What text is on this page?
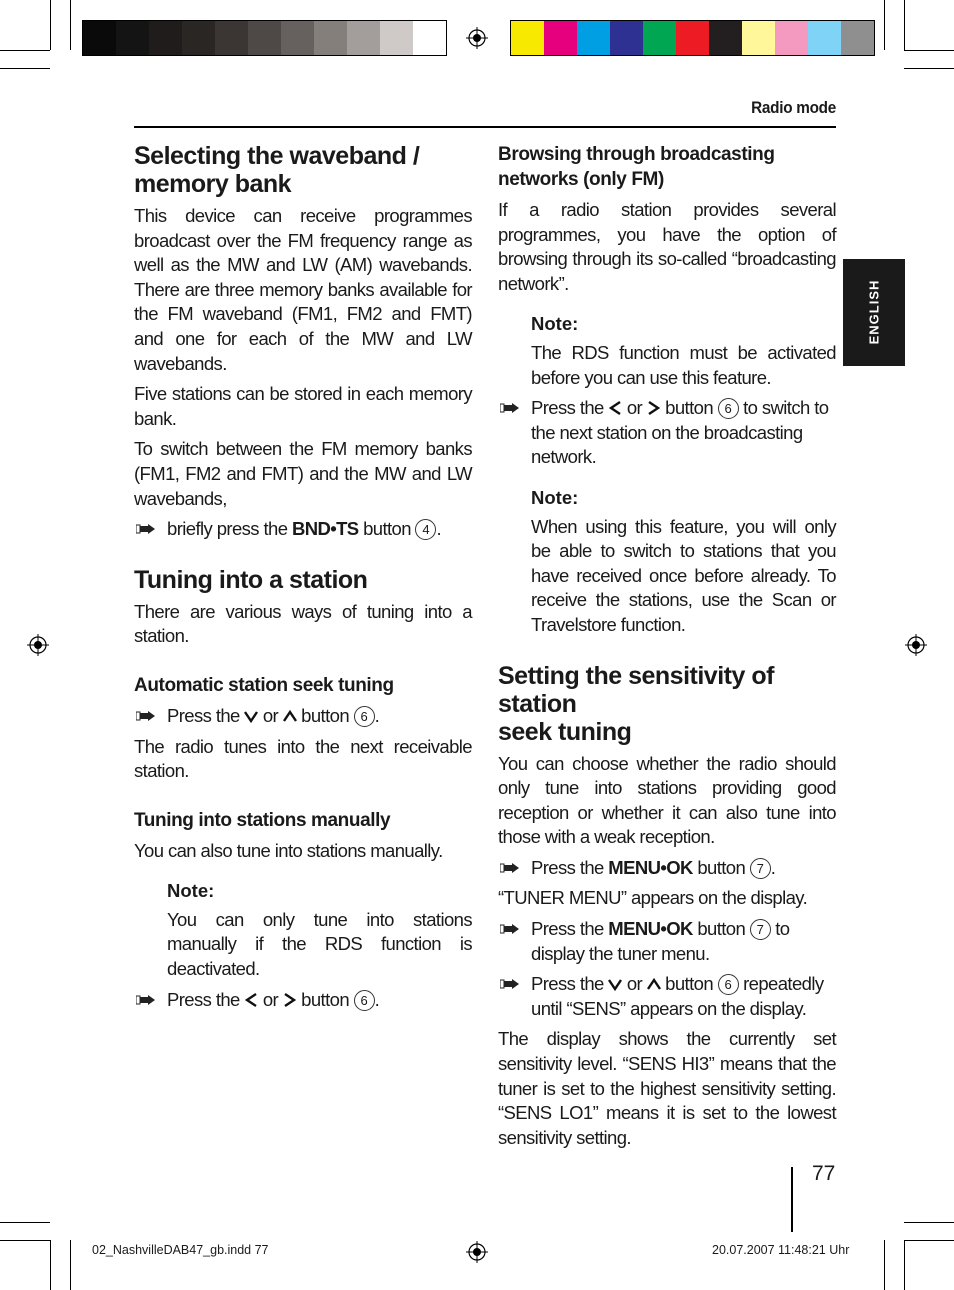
Radio mode
ENGLISH
Selecting the waveband /
memory bank
This device can receive programmes broadcast over the FM frequency range as well as the MW and LW (AM) wavebands. There are three memory banks available for the FM waveband (FM1, FM2 and FMT) and one for each of the MW and LW wavebands.
Five stations can be stored in each memory bank.
To switch between the FM memory banks (FM1, FM2 and FMT) and the MW and LW wavebands,
briefly press the BND•TS button 4 .
Tuning into a station
There are various ways of tuning into a station.
Automatic station seek tuning
Press the  or  button 6 .
The radio tunes into the next receivable station.
Tuning into stations manually
You can also tune into stations manually.
Note:
You can only tune into stations manually if the RDS function is deactivated.
Press the  or  button 6 .
Browsing through broadcasting
networks (only FM)
If a radio station provides several programmes, you have the option of browsing through its so-called “broadcasting network”.
Note:
The RDS function must be activated before you can use this feature.
Press the  or  button 6 to switch to the next station on the broadcasting network.
Note:
When using this feature, you will only be able to switch to stations that you have received once before already. To receive the stations, use the Scan or Travelstore function.
Setting the sensitivity of station
seek tuning
You can choose whether the radio should only tune into stations providing good reception or whether it can also tune into those with a weak reception.
Press the MENU•OK button 7 .
“TUNER MENU” appears on the display.
Press the MENU•OK button 7 to display the tuner menu.
Press the  or  button 6 repeatedly until “SENS” appears on the display.
The display shows the currently set sensitivity level. “SENS HI3” means that the tuner is set to the highest sensitivity setting. “SENS LO1” means it is set to the lowest sensitivity setting.
77
02_NashvilleDAB47_gb.indd 77	20.07.2007 11:48:21 Uhr
